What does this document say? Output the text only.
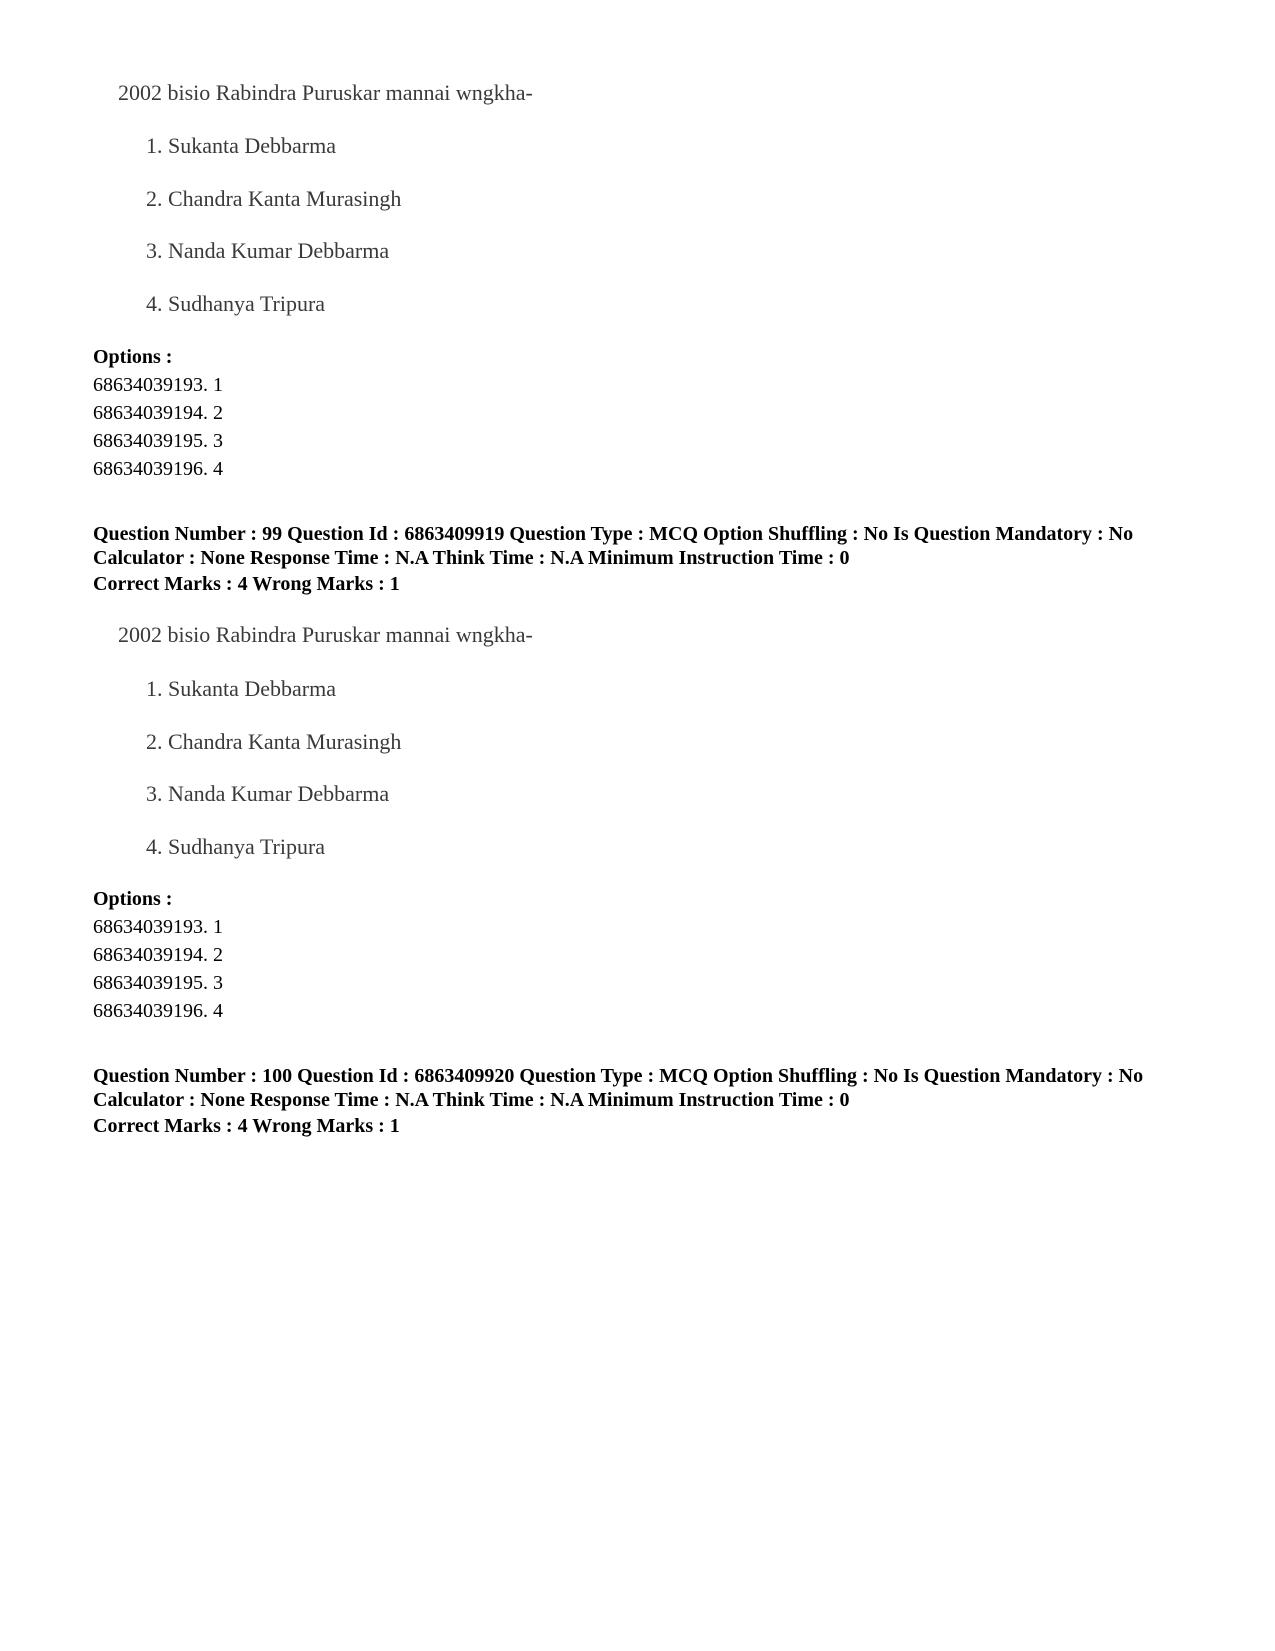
2002 bisio Rabindra Puruskar mannai wngkha-
1. Sukanta Debbarma
2. Chandra Kanta Murasingh
3. Nanda Kumar Debbarma
4. Sudhanya Tripura
Options :
68634039193. 1
68634039194. 2
68634039195. 3
68634039196. 4
Question Number : 99 Question Id : 6863409919 Question Type : MCQ Option Shuffling : No Is Question Mandatory : No Calculator : None Response Time : N.A Think Time : N.A Minimum Instruction Time : 0
Correct Marks : 4 Wrong Marks : 1
2002 bisio Rabindra Puruskar mannai wngkha-
1. Sukanta Debbarma
2. Chandra Kanta Murasingh
3. Nanda Kumar Debbarma
4. Sudhanya Tripura
Options :
68634039193. 1
68634039194. 2
68634039195. 3
68634039196. 4
Question Number : 100 Question Id : 6863409920 Question Type : MCQ Option Shuffling : No Is Question Mandatory : No Calculator : None Response Time : N.A Think Time : N.A Minimum Instruction Time : 0
Correct Marks : 4 Wrong Marks : 1
